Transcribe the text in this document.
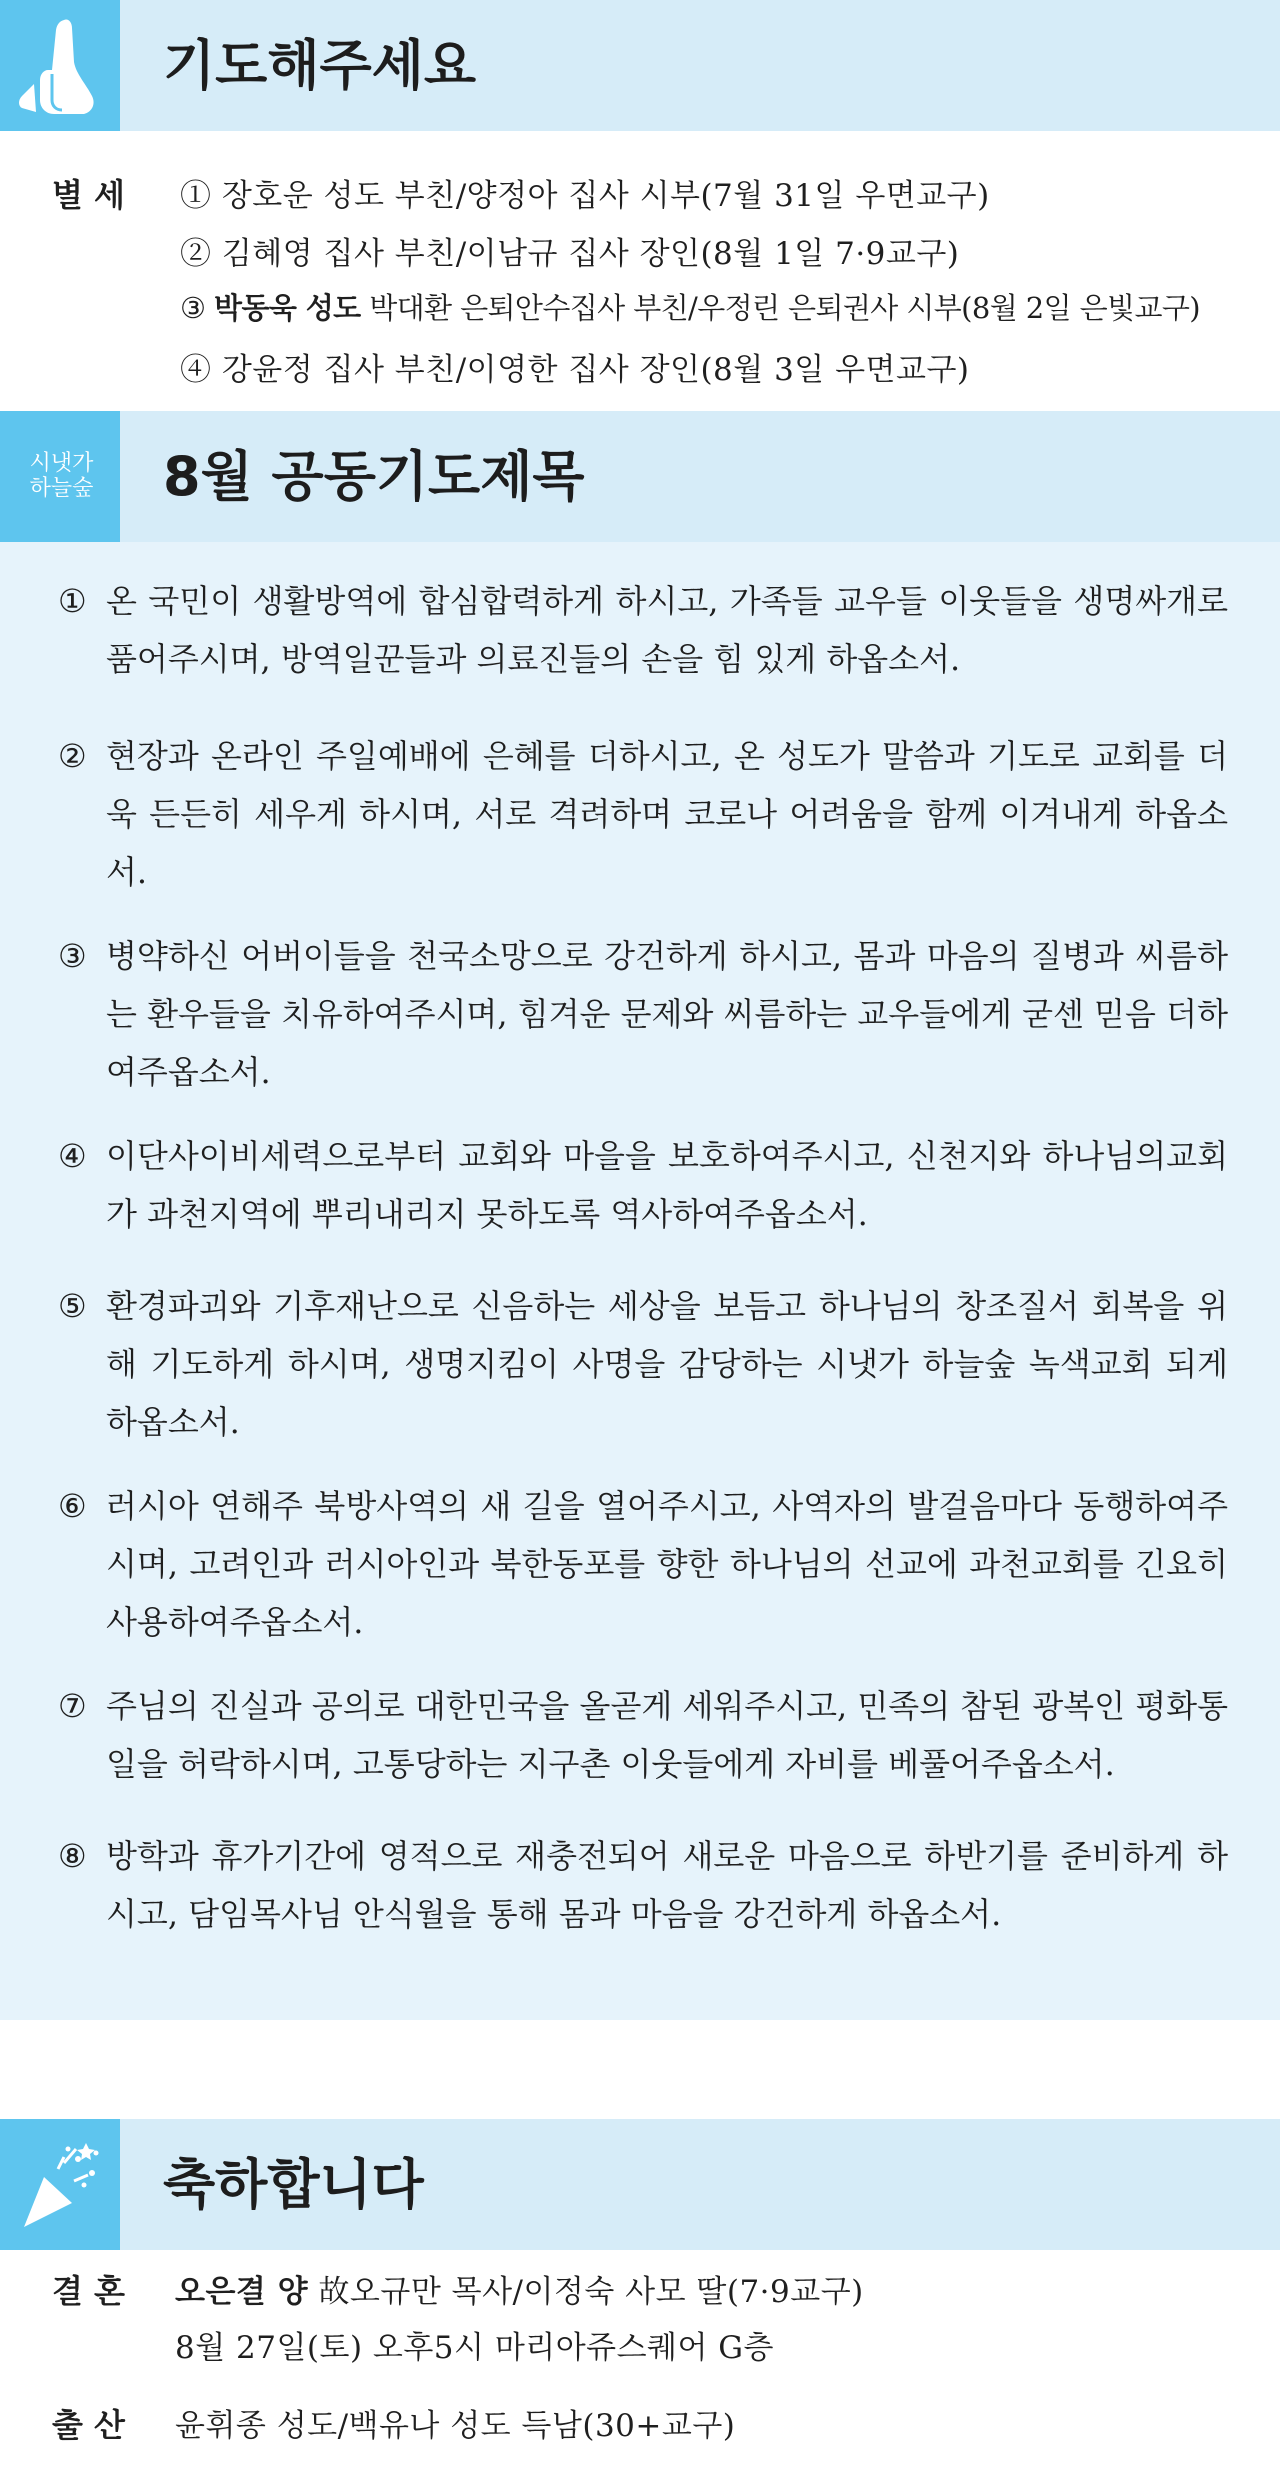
기도해주세요
별 세 ① 장호운 성도 부친/양정아 집사 시부(7월 31일 우면교구)
② 김혜영 집사 부친/이남규 집사 장인(8월 1일 7·9교구)
③ 박동욱 성도 박대환 은퇴안수집사 부친/우정린 은퇴권사 시부(8월 2일 은빛교구)
④ 강윤정 집사 부친/이영한 집사 장인(8월 3일 우면교구)
시냇가
하늘숲 8월 공동기도제목
① 온 국민이 생활방역에 합심합력하게 하시고, 가족들 교우들 이웃들을 생명싸개로 품어주시며, 방역일꾼들과 의료진들의 손을 힘 있게 하옵소서.
② 현장과 온라인 주일예배에 은혜를 더하시고, 온 성도가 말씀과 기도로 교회를 더욱 든든히 세우게 하시며, 서로 격려하며 코로나 어려움을 함께 이겨내게 하옵소서.
③ 병약하신 어버이들을 천국소망으로 강건하게 하시고, 몸과 마음의 질병과 씨름하는 환우들을 치유하여주시며, 힘겨운 문제와 씨름하는 교우들에게 굳센 믿음 더하여주옵소서.
④ 이단사이비세력으로부터 교회와 마을을 보호하여주시고, 신천지와 하나님의교회가 과천지역에 뿌리내리지 못하도록 역사하여주옵소서.
⑤ 환경파괴와 기후재난으로 신음하는 세상을 보듬고 하나님의 창조질서 회복을 위해 기도하게 하시며, 생명지킴이 사명을 감당하는 시냇가 하늘숲 녹색교회 되게 하옵소서.
⑥ 러시아 연해주 북방사역의 새 길을 열어주시고, 사역자의 발걸음마다 동행하여주시며, 고려인과 러시아인과 북한동포를 향한 하나님의 선교에 과천교회를 긴요히 사용하여주옵소서.
⑦ 주님의 진실과 공의로 대한민국을 올곧게 세워주시고, 민족의 참된 광복인 평화통일을 허락하시며, 고통당하는 지구촌 이웃들에게 자비를 베풀어주옵소서.
⑧ 방학과 휴가기간에 영적으로 재충전되어 새로운 마음으로 하반기를 준비하게 하시고, 담임목사님 안식월을 통해 몸과 마음을 강건하게 하옵소서.
축하합니다
결 혼 오은결 양 故오규만 목사/이정숙 사모 딸(7·9교구)
8월 27일(토) 오후5시 마리아쥬스퀘어 G층
출 산 윤휘종 성도/백유나 성도 득남(30+교구)
